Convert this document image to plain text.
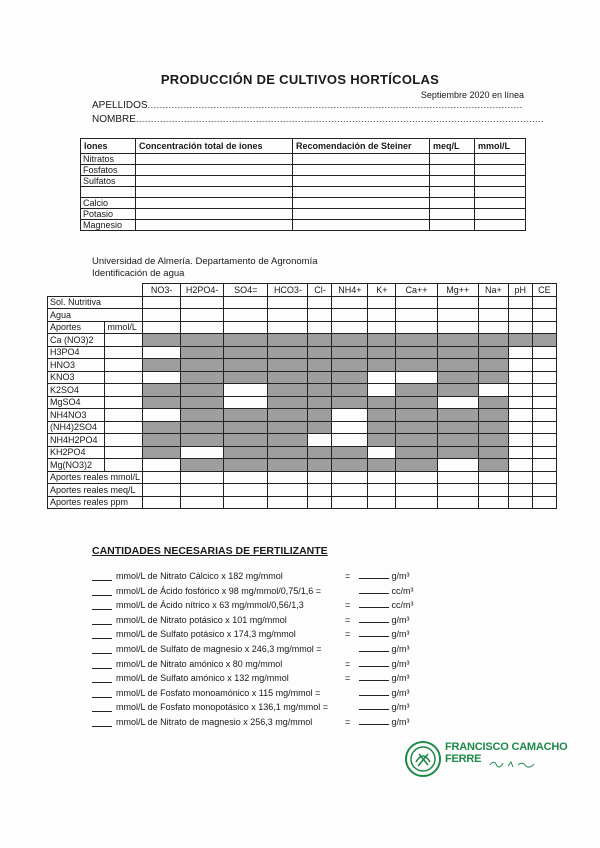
PRODUCCIÓN DE CULTIVOS HORTÍCOLAS
Septiembre 2020 en línea
APELLIDOS.............................................................................................................................
NOMBRE........................................................................................................................................
Iones	Concentración total de iones	Recomendación de Steiner	meq/L	mmol/L
Nitratos				
Fosfatos				
Sulfatos				

Calcio				
Potasio				
Magnesio				
Universidad de Almería. Departamento de Agronomía
Identificación de agua
		NO3-	H2PO4-	SO4=	HCO3-	Cl-	NH4+	K+	Ca++	Mg++	Na+	pH	CE
Sol. Nutritiva													
Agua													
Aportes	mmol/L												
Ca (NO3)2													
H3PO4													
HNO3													
KNO3													
K2SO4													
MgSO4													
NH4NO3													
(NH4)2SO4													
NH4H2PO4													
KH2PO4													
Mg(NO3)2													
Aportes reales mmol/L													
Aportes reales meq/L													
Aportes reales ppm													
CANTIDADES NECESARIAS DE FERTILIZANTE
mmol/L de Nitrato Cálcico x 182 mg/mmol	=	g/m³
mmol/L de Ácido fosfórico x 98 mg/mmol/0,75/1,6 =	cc/m³
mmol/L de Ácido nítrico x 63 mg/mmol/0,56/1,3	=	cc/m³
mmol/L de Nitrato potásico x 101 mg/mmol	=	g/m³
mmol/L de Sulfato potásico x 174,3 mg/mmol	=	g/m³
mmol/L de Sulfato de magnesio x 246,3 mg/mmol =	g/m³
mmol/L de Nitrato amónico x 80 mg/mmol	=	g/m³
mmol/L de Sulfato amónico x 132 mg/mmol	=	g/m³
mmol/L de Fosfato monoamónico x 115 mg/mmol =	g/m³
mmol/L de Fosfato monopotásico x 136,1 mg/mmol =	g/m³
mmol/L de Nitrato de magnesio x 256,3 mg/mmol	=	g/m³
FRANCISCO CAMACHO FERRE
